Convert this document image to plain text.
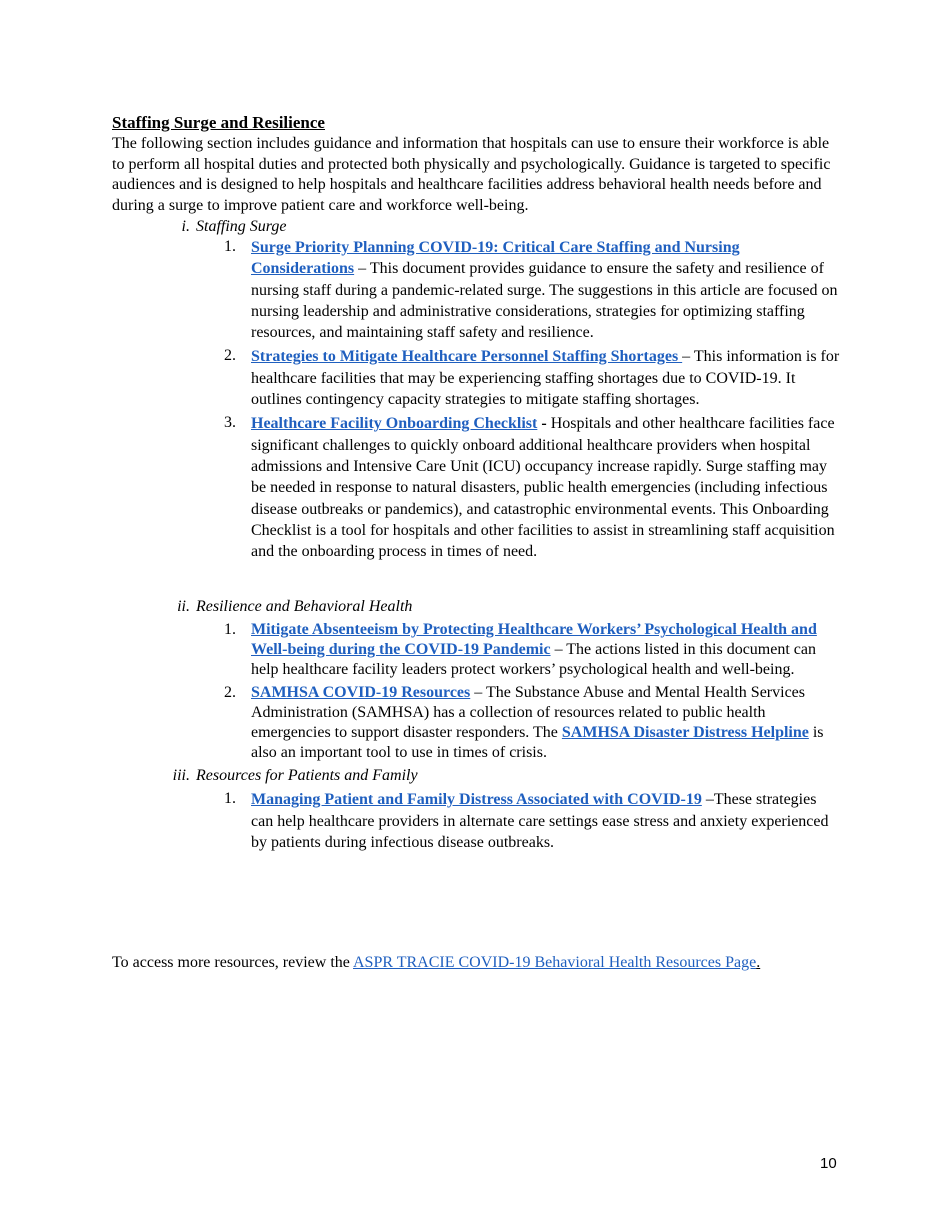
Staffing Surge and Resilience

The following section includes guidance and information that hospitals can use to ensure their workforce is able to perform all hospital duties and protected both physically and psychologically. Guidance is targeted to specific audiences and is designed to help hospitals and healthcare facilities address behavioral health needs before and during a surge to improve patient care and workforce well-being.

i. Staffing Surge
1. Surge Priority Planning COVID-19: Critical Care Staffing and Nursing Considerations – This document provides guidance to ensure the safety and resilience of nursing staff during a pandemic-related surge. The suggestions in this article are focused on nursing leadership and administrative considerations, strategies for optimizing staffing resources, and maintaining staff safety and resilience.

2. Strategies to Mitigate Healthcare Personnel Staffing Shortages – This information is for healthcare facilities that may be experiencing staffing shortages due to COVID-19. It outlines contingency capacity strategies to mitigate staffing shortages.

3. Healthcare Facility Onboarding Checklist - Hospitals and other healthcare facilities face significant challenges to quickly onboard additional healthcare providers when hospital admissions and Intensive Care Unit (ICU) occupancy increase rapidly. Surge staffing may be needed in response to natural disasters, public health emergencies (including infectious disease outbreaks or pandemics), and catastrophic environmental events. This Onboarding Checklist is a tool for hospitals and other facilities to assist in streamlining staff acquisition and the onboarding process in times of need.

ii. Resilience and Behavioral Health
1. Mitigate Absenteeism by Protecting Healthcare Workers’ Psychological Health and Well-being during the COVID-19 Pandemic – The actions listed in this document can help healthcare facility leaders protect workers’ psychological health and well-being.

2. SAMHSA COVID-19 Resources – The Substance Abuse and Mental Health Services Administration (SAMHSA) has a collection of resources related to public health emergencies to support disaster responders. The SAMHSA Disaster Distress Helpline is also an important tool to use in times of crisis.

iii. Resources for Patients and Family
1. Managing Patient and Family Distress Associated with COVID-19 –These strategies can help healthcare providers in alternate care settings ease stress and anxiety experienced by patients during infectious disease outbreaks.

To access more resources, review the ASPR TRACIE COVID-19 Behavioral Health Resources Page.
10
